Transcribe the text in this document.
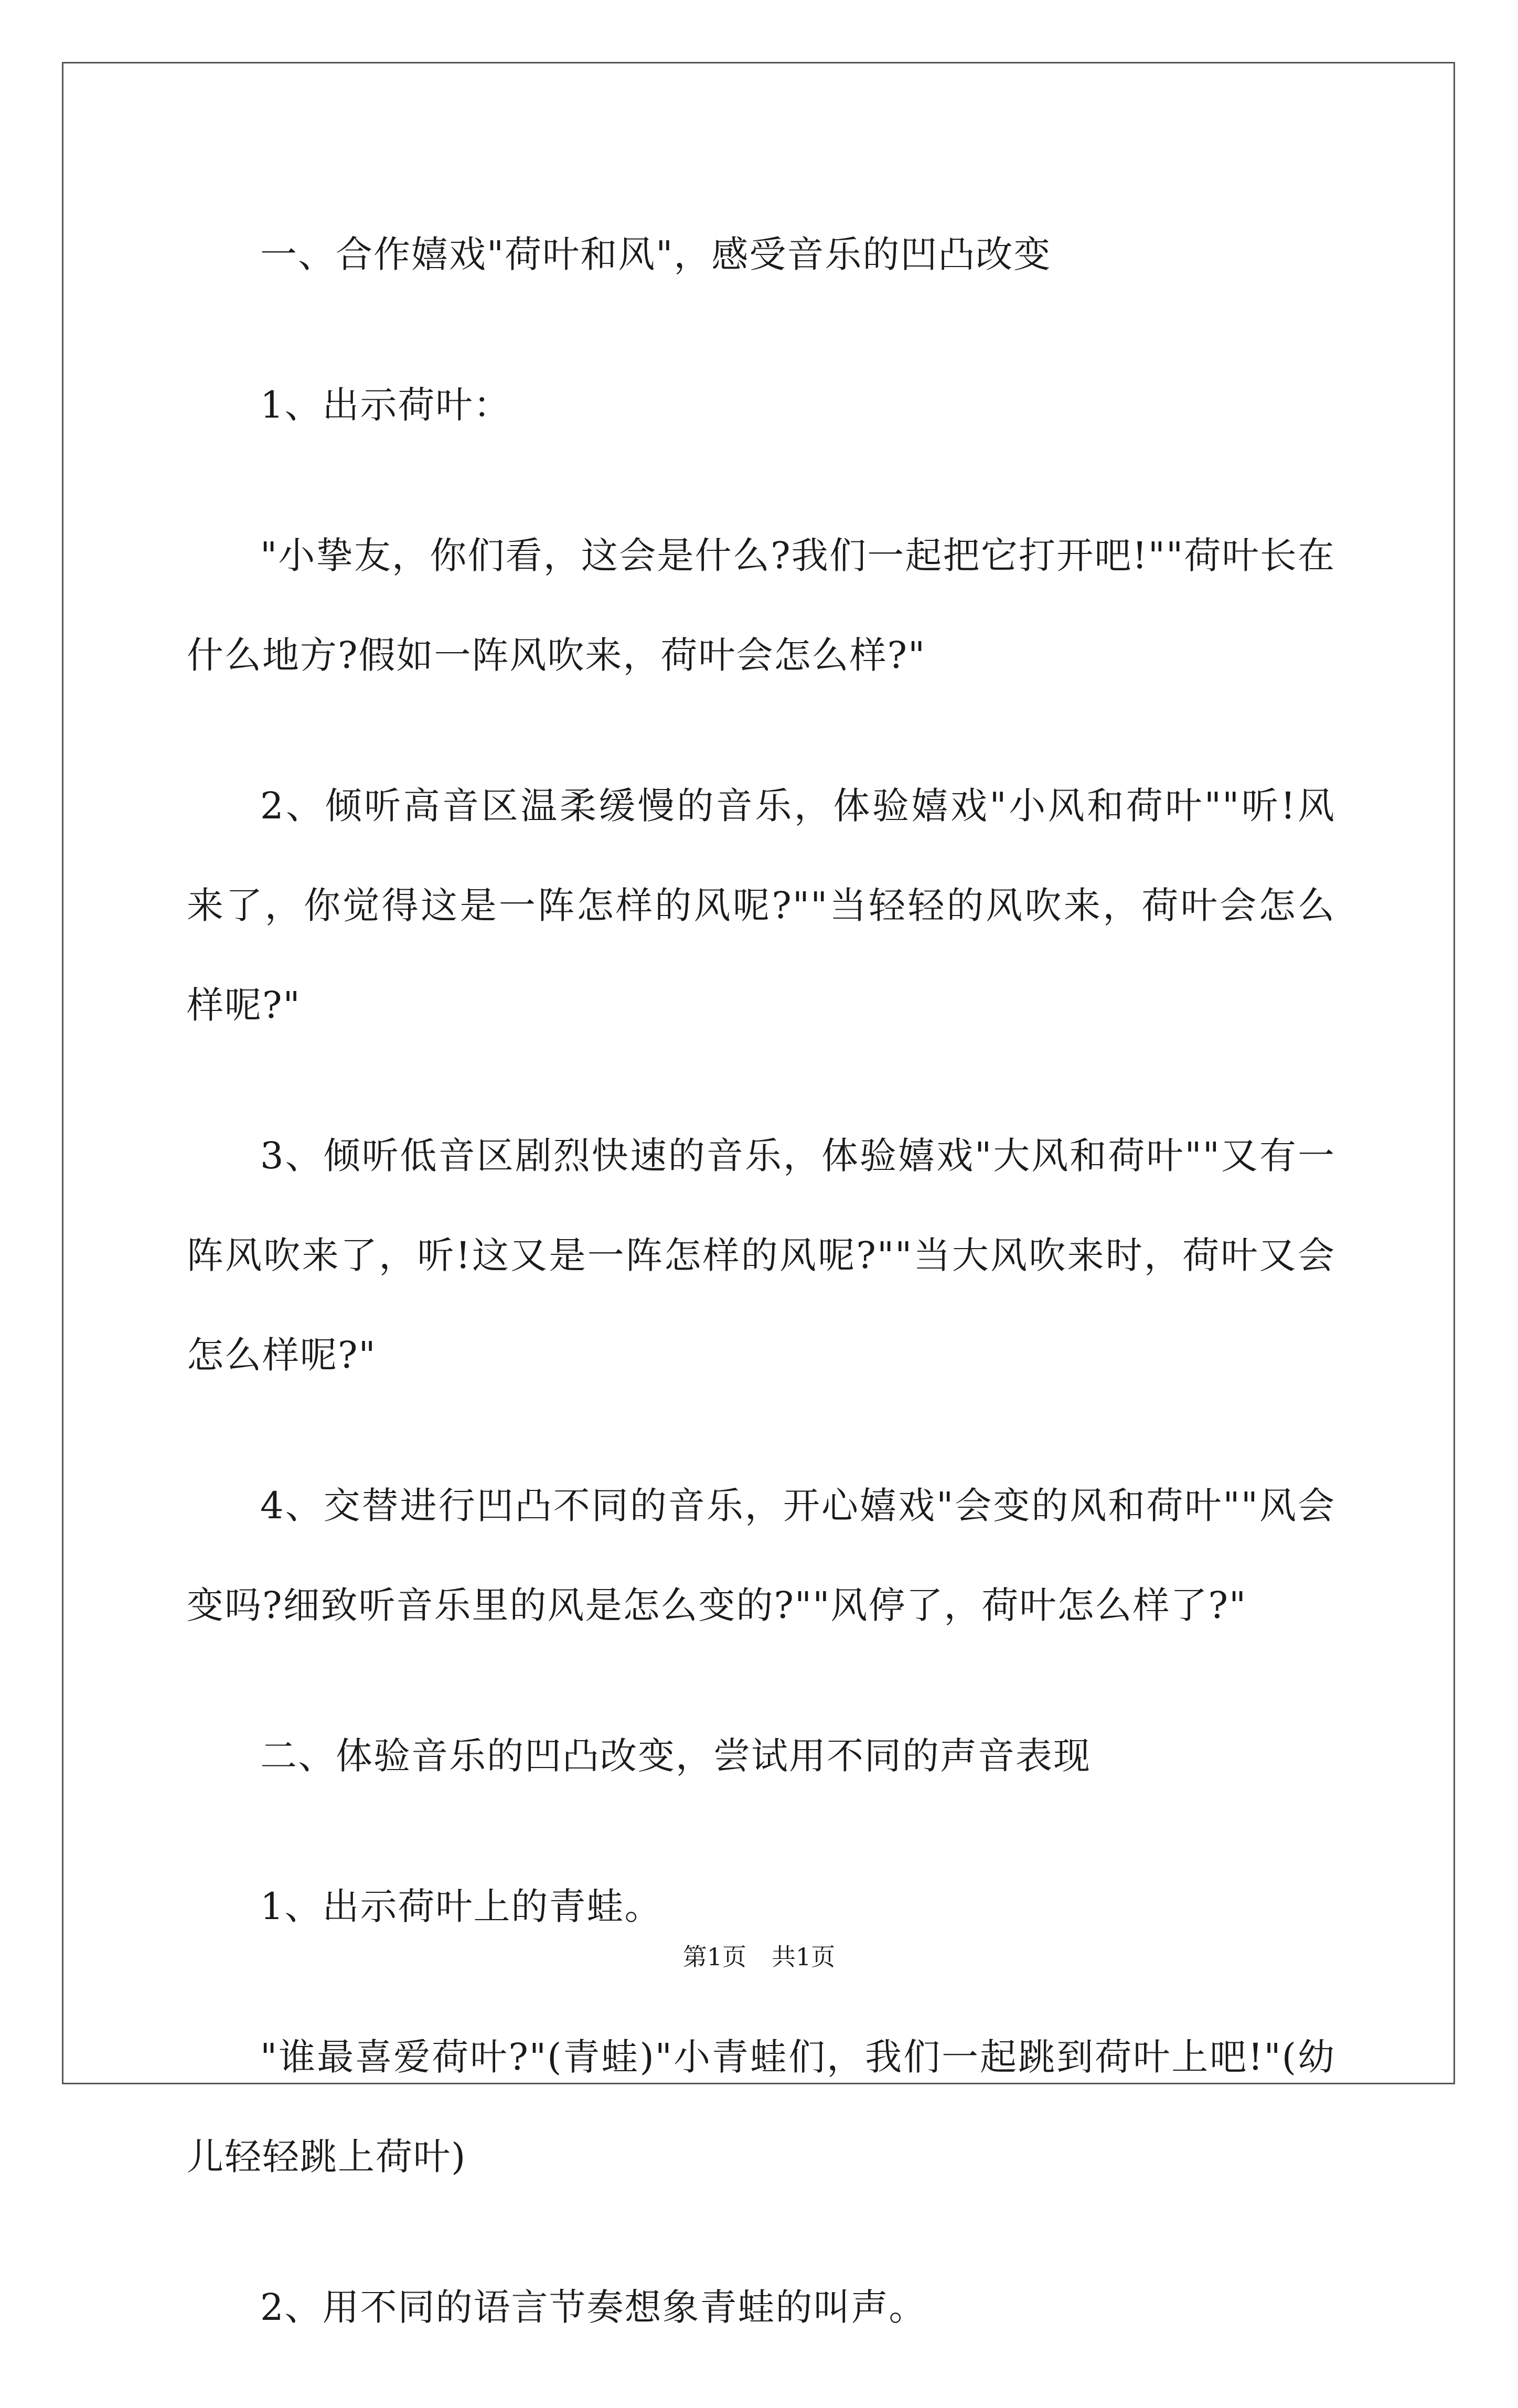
一、合作嬉戏"荷叶和风"，感受音乐的凹凸改变

1、出示荷叶：

"小挚友，你们看，这会是什么?我们一起把它打开吧!""荷叶长在什么地方?假如一阵风吹来，荷叶会怎么样?"

2、倾听高音区温柔缓慢的音乐，体验嬉戏"小风和荷叶""听!风来了，你觉得这是一阵怎样的风呢?""当轻轻的风吹来，荷叶会怎么样呢?"

3、倾听低音区剧烈快速的音乐，体验嬉戏"大风和荷叶""又有一阵风吹来了，听!这又是一阵怎样的风呢?""当大风吹来时，荷叶又会怎么样呢?"

4、交替进行凹凸不同的音乐，开心嬉戏"会变的风和荷叶""风会变吗?细致听音乐里的风是怎么变的?""风停了，荷叶怎么样了?"

二、体验音乐的凹凸改变，尝试用不同的声音表现

1、出示荷叶上的青蛙。

"谁最喜爱荷叶?"(青蛙)"小青蛙们，我们一起跳到荷叶上吧!"(幼儿轻轻跳上荷叶)

2、用不同的语言节奏想象青蛙的叫声。

第1页 共1页
